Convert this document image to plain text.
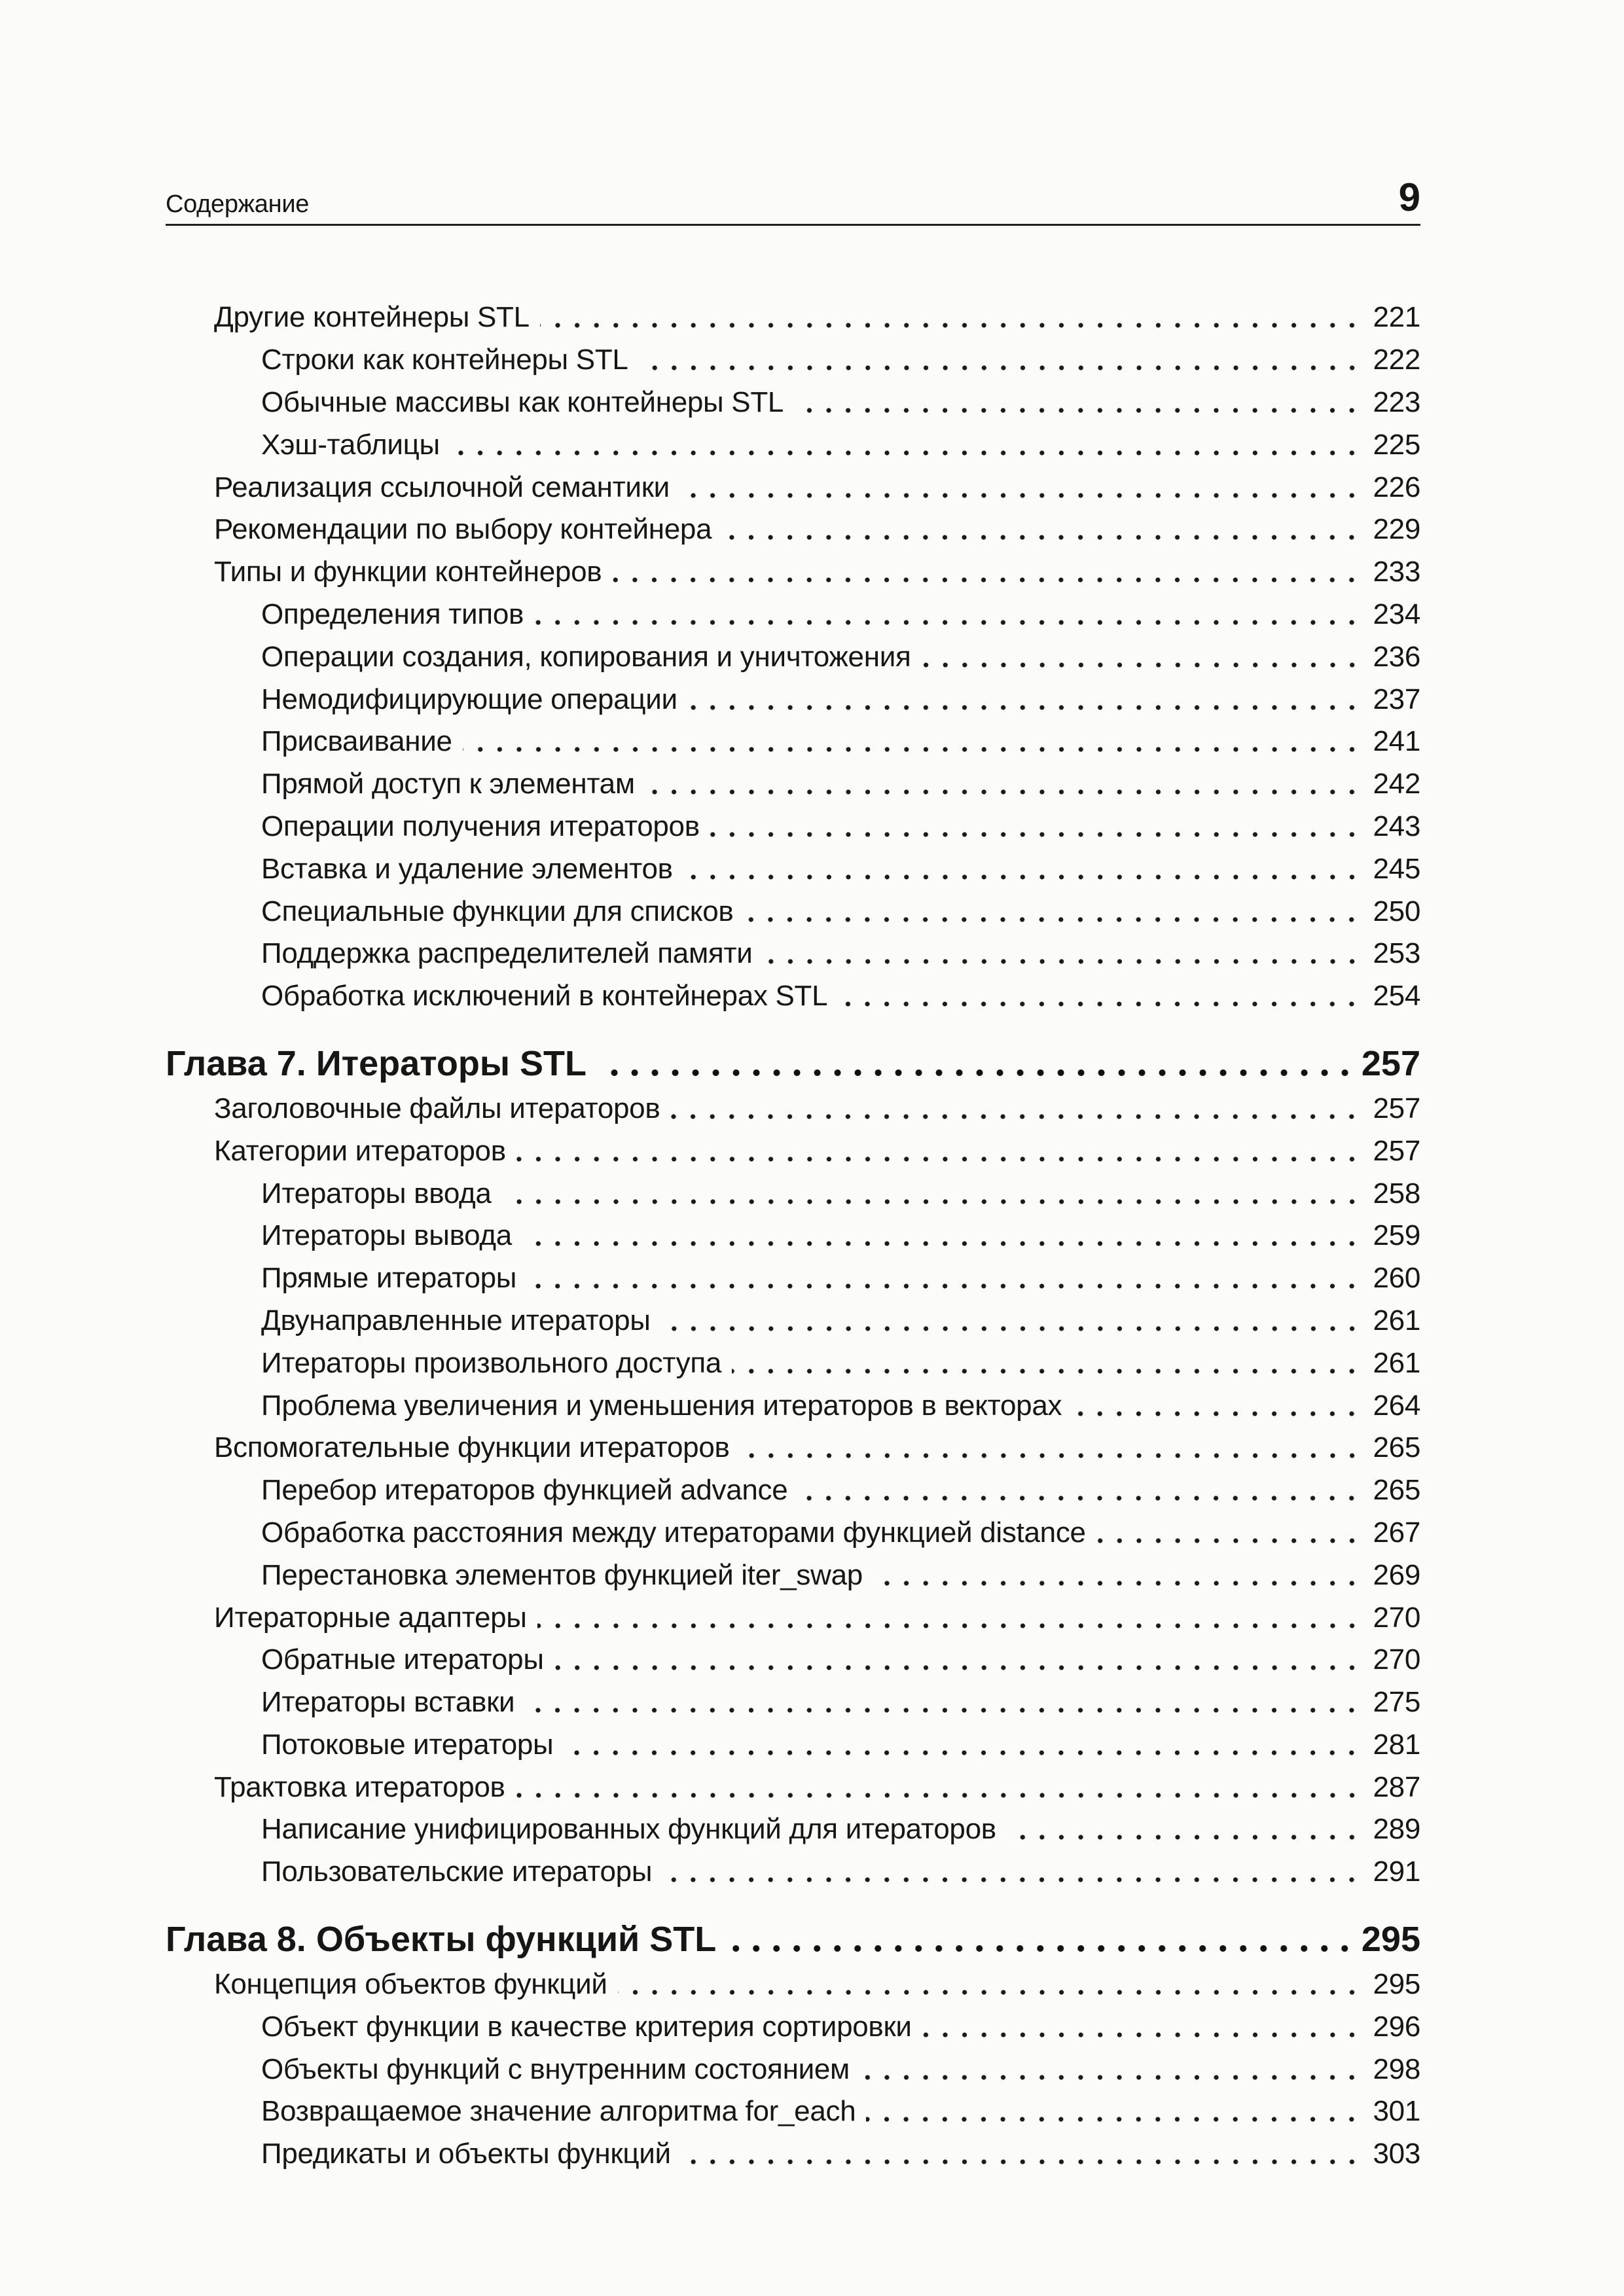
Содержание	9
Другие контейнеры STL	221
Строки как контейнеры STL	222
Обычные массивы как контейнеры STL	223
Хэш-таблицы	225
Реализация ссылочной семантики	226
Рекомендации по выбору контейнера	229
Типы и функции контейнеров	233
Определения типов	234
Операции создания, копирования и уничтожения	236
Немодифицирующие операции	237
Присваивание	241
Прямой доступ к элементам	242
Операции получения итераторов	243
Вставка и удаление элементов	245
Специальные функции для списков	250
Поддержка распределителей памяти	253
Обработка исключений в контейнерах STL	254
Глава 7. Итераторы STL	257
Заголовочные файлы итераторов	257
Категории итераторов	257
Итераторы ввода	258
Итераторы вывода	259
Прямые итераторы	260
Двунаправленные итераторы	261
Итераторы произвольного доступа	261
Проблема увеличения и уменьшения итераторов в векторах	264
Вспомогательные функции итераторов	265
Перебор итераторов функцией advance	265
Обработка расстояния между итераторами функцией distance	267
Перестановка элементов функцией iter_swap	269
Итераторные адаптеры	270
Обратные итераторы	270
Итераторы вставки	275
Потоковые итераторы	281
Трактовка итераторов	287
Написание унифицированных функций для итераторов	289
Пользовательские итераторы	291
Глава 8. Объекты функций STL	295
Концепция объектов функций	295
Объект функции в качестве критерия сортировки	296
Объекты функций с внутренним состоянием	298
Возвращаемое значение алгоритма for_each	301
Предикаты и объекты функций	303
